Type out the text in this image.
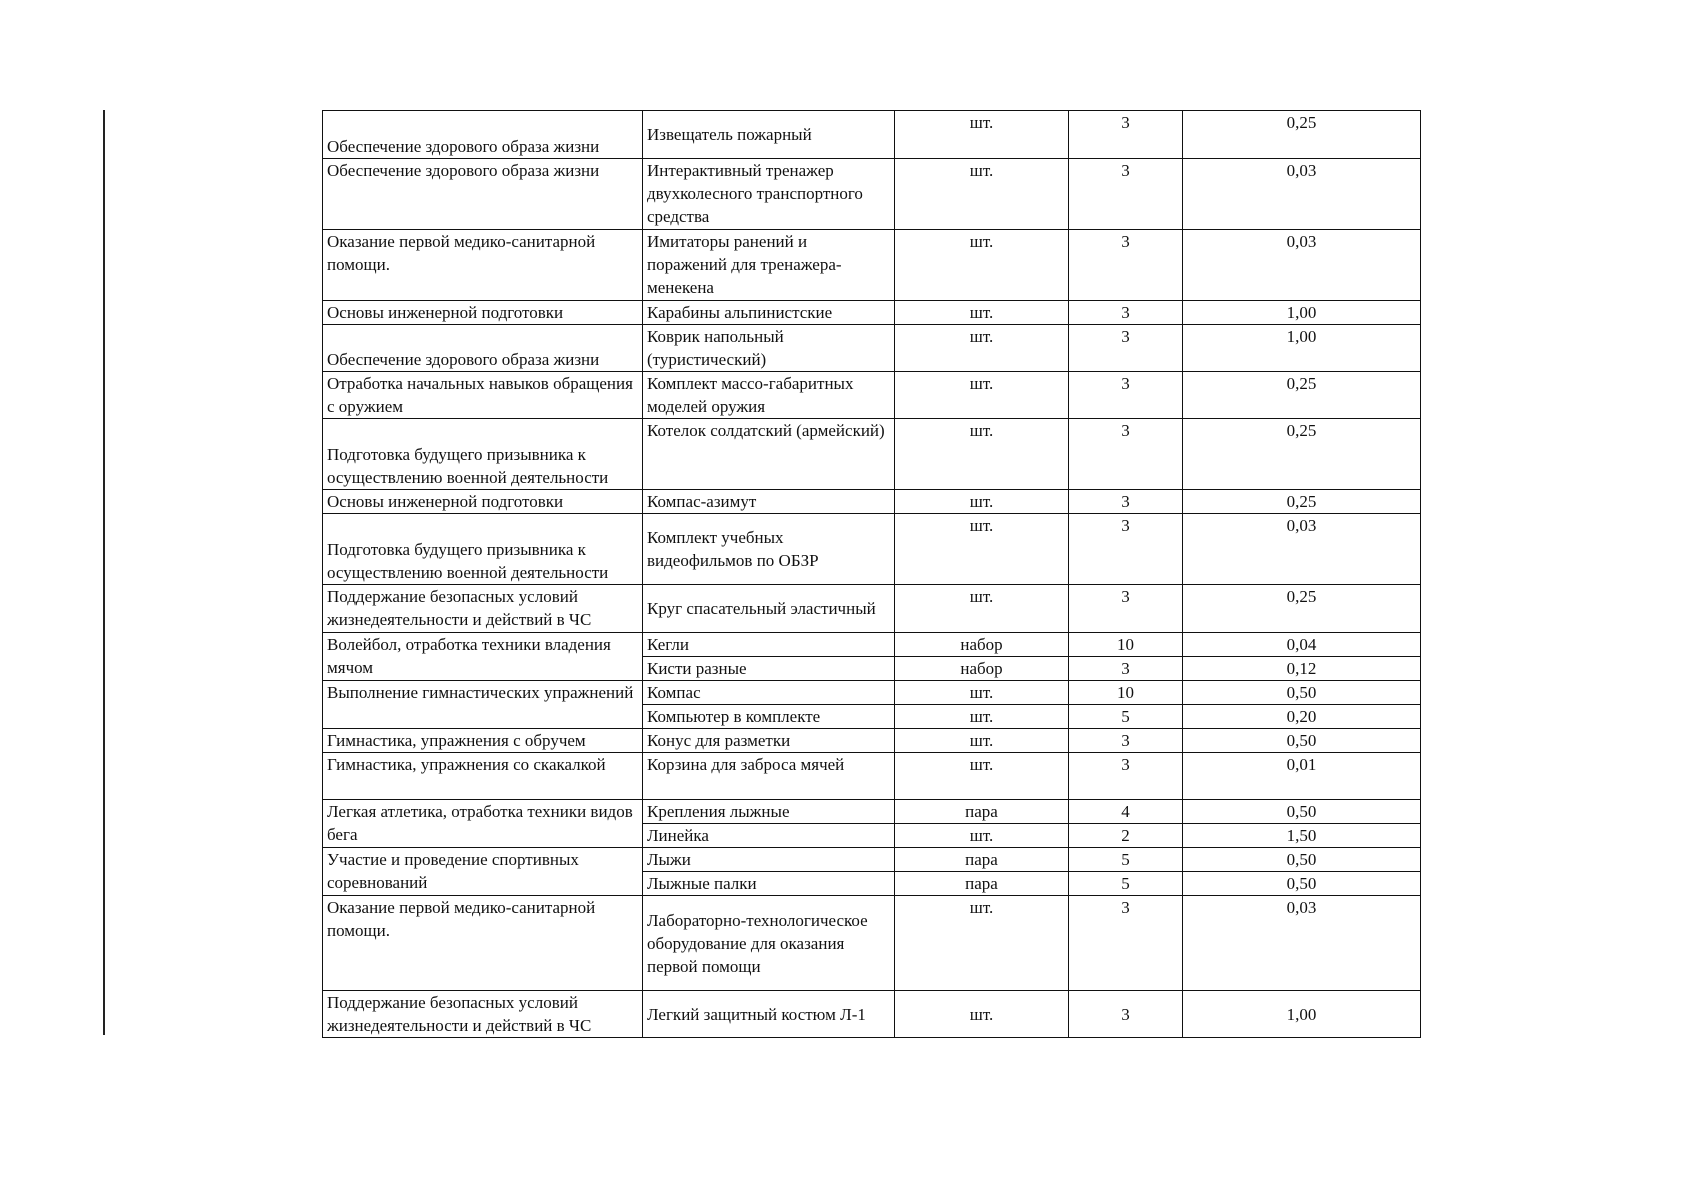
Обеспечение здорового образа жизни	Извещатель пожарный	шт.	3	0,25
Обеспечение здорового образа жизни	Интерактивный тренажер двухколесного транспортного средства	шт.	3	0,03
Оказание первой медико-санитарной помощи.	Имитаторы ранений и поражений для тренажера-менекена	шт.	3	0,03
Основы инженерной подготовки	Карабины альпинистские	шт.	3	1,00
Обеспечение здорового образа жизни	Коврик напольный (туристический)	шт.	3	1,00
Отработка начальных навыков обращения с оружием	Комплект массо-габаритных моделей оружия	шт.	3	0,25
Подготовка будущего призывника к осуществлению военной деятельности	Котелок солдатский (армейский)	шт.	3	0,25
Основы инженерной подготовки	Компас-азимут	шт.	3	0,25
Подготовка будущего призывника к осуществлению военной деятельности	Комплект учебных видеофильмов по ОБЗР	шт.	3	0,03
Поддержание безопасных условий жизнедеятельности и действий в ЧС	Круг спасательный эластичный	шт.	3	0,25
Волейбол, отработка техники владения мячом	Кегли	набор	10	0,04
	Кисти разные	набор	3	0,12
Выполнение гимнастических упражнений	Компас	шт.	10	0,50
	Компьютер в комплекте	шт.	5	0,20
Гимнастика, упражнения с обручем	Конус для разметки	шт.	3	0,50
Гимнастика, упражнения со скакалкой	Корзина для заброса мячей	шт.	3	0,01
Легкая атлетика, отработка техники видов бега	Крепления лыжные	пара	4	0,50
	Линейка	шт.	2	1,50
Участие и проведение спортивных соревнований	Лыжи	пара	5	0,50
	Лыжные палки	пара	5	0,50
Оказание первой медико-санитарной помощи.	Лабораторно-технологическое оборудование для оказания первой помощи	шт.	3	0,03
Поддержание безопасных условий жизнедеятельности и действий в ЧС	Легкий защитный костюм Л-1	шт.	3	1,00
